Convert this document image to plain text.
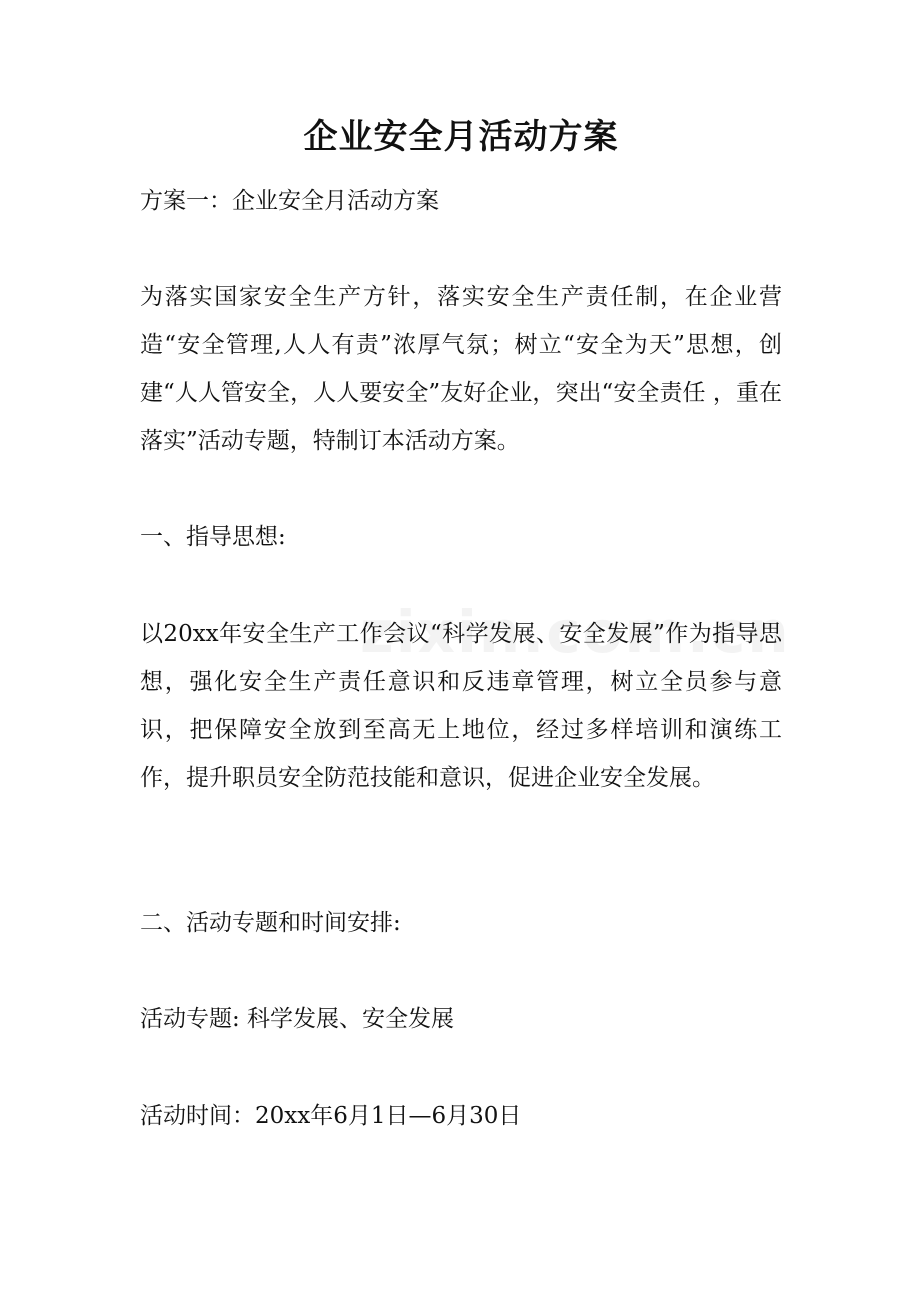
企业安全月活动方案

方案一：企业安全月活动方案

为落实国家安全生产方针，落实安全生产责任制，在企业营造“安全管理,人人有责”浓厚气氛；树立“安全为天”思想，创建“人人管安全，人人要安全”友好企业，突出“安全责任 ，重在落实”活动专题，特制订本活动方案。

一、指导思想:

以20xx年安全生产工作会议“科学发展、安全发展”作为指导思想，强化安全生产责任意识和反违章管理，树立全员参与意识，把保障安全放到至高无上地位，经过多样培训和演练工作，提升职员安全防范技能和意识，促进企业安全发展。

二、活动专题和时间安排:

活动专题: 科学发展、安全发展

活动时间：20xx年6月1日—6月30日
